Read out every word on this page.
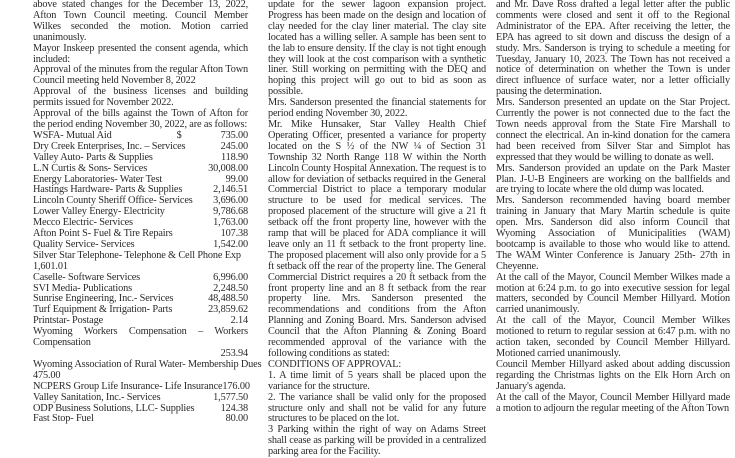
above stated changes for the December 13, 2022, Afton Town Council meeting. Council Member Wilkes seconded the motion. Motion carried unanimously.

Mayor Inskeep presented the consent agenda, which included:

Approval of the minutes from the regular Afton Town Council meeting held November 8, 2022

Approval of the business licenses and building permits issued for November 2022.

Approval of the bills against the Town of Afton for the period ending November 30, 2022, are as follows:

WSFA- Mutual Aid	$	735.00
Dry Creek Enterprises, Inc. – Services	245.00
Valley Auto- Parts & Supplies	118.90
L.N Curtis & Sons- Services	30,008.00
Energy Laboratories- Water Test	99.00
Hastings Hardware- Parts & Supplies	2,146.51
Lincoln County Sheriff Office- Services 3,696.00
Lower Valley Energy- Electricity	9,786.68
Mecco Electric- Services	1,763.00
Afton Point S- Fuel & Tire Repairs	107.38
Quality Service- Services	1,542.00
Silver Star Telephone- Telephone & Cell Phone Exp
1,601.01
Caselle- Software Services	6,996.00
SVI Media- Publications	2,248.50
Sunrise Engineering, Inc.- Services	48,488.50
Turf Equipment & Irrigation- Parts	23,859.62
Printstar- Postage	2.14
Wyoming Workers Compensation – Workers Compensation
253.94
Wyoming Association of Rural Water- Membership Dues
475.00
NCPERS Group Life Insurance- Life Insurance 176.00
Valley Sanitation, Inc.- Services	1,577.50
ODP Business Solutions, LLC- Supplies	124.38
Fast Stop- Fuel	80.00

update for the sewer lagoon expansion project. Progress has been made on the design and location of clay needed for the clay liner material. The clay site located has a willing seller. A sample has been sent to the lab to ensure density. If the clay is not tight enough they will look at the cost comparison with a synthetic liner. Still working on permitting with the DEQ and hoping this project will go out to bid as soon as possible.

Mrs. Sanderson presented the financial statements for period ending November 30, 2022.

Mr. Mike Hunsaker, Star Valley Health Chief Operating Officer, presented a variance for property located on the S ½ of the NW ¼ of Section 31 Township 32 North Range 118 W within the North Lincoln County Hospital Annexation. The request is to allow for deviation of setbacks required in the General Commercial District to place a temporary modular structure to be used for medical services. The proposed placement of the structure will give a 21 ft setback off the front property line, however with the ramp that will be placed for ADA compliance it will leave only an 11 ft setback to the front property line. The proposed placement will also only provide for a 5 ft setback off the rear of the property line. The General Commercial District requires a 20 ft setback from the front property line and an 8 ft setback from the rear property line. Mrs. Sanderson presented the recommendations and conditions from the Afton Planning and Zoning Board. Mrs. Sanderson advised Council that the Afton Planning & Zoning Board recommended approval of the variance with the following conditions as stated:

CONDITIONS OF APPROVAL:

1. A time limit of 5 years shall be placed upon the variance for the structure.

2. The variance shall be valid only for the proposed structure only and shall not be valid for any future structures to be placed on the lot.

3 Parking within the right of way on Adams Street shall cease as parking will be provided in a centralized parking area for the Facility.

and Mr. Dave Ross drafted a legal letter after the public comments were closed and sent it off to the Regional Administrator of the EPA. After receiving the letter, the EPA has agreed to sit down and discuss the design of a study. Mrs. Sanderson is trying to schedule a meeting for Tuesday, January 10, 2023. The Town has not received a notice of determination on whether the Town is under direct influence of surface water, nor a letter officially pausing the determination.

Mrs. Sanderson presented an update on the Star Project. Currently the power is not connected due to the fact the Town needs approval from the State Fire Marshall to connect the electrical. An in-kind donation for the camera had been received from Silver Star and Simplot has expressed that they would be willing to donate as well.

Mrs. Sanderson provided an update on the Park Master Plan. J-U-B Engineers are working on the ballfields and are trying to locate where the old dump was located.

Mrs. Sanderson recommended having board member training in January that Mary Martin schedule is quite open. Mrs. Sanderson did also inform Council that Wyoming Association of Municipalities (WAM) bootcamp is available to those who would like to attend. The WAM Winter Conference is January 25th- 27th in Cheyenne.

At the call of the Mayor, Council Member Wilkes made a motion at 6:24 p.m. to go into executive session for legal matters, seconded by Council Member Hillyard. Motion carried unanimously.

At the call of the Mayor, Council Member Wilkes motioned to return to regular session at 6:47 p.m. with no action taken, seconded by Council Member Hillyard. Motioned carried unanimously.

Council Member Hillyard asked about adding discussion regarding the Christmas lights on the Elk Horn Arch on January's agenda.

At the call of the Mayor, Council Member Hillyard made a motion to adjourn the regular meeting of the Afton Town
